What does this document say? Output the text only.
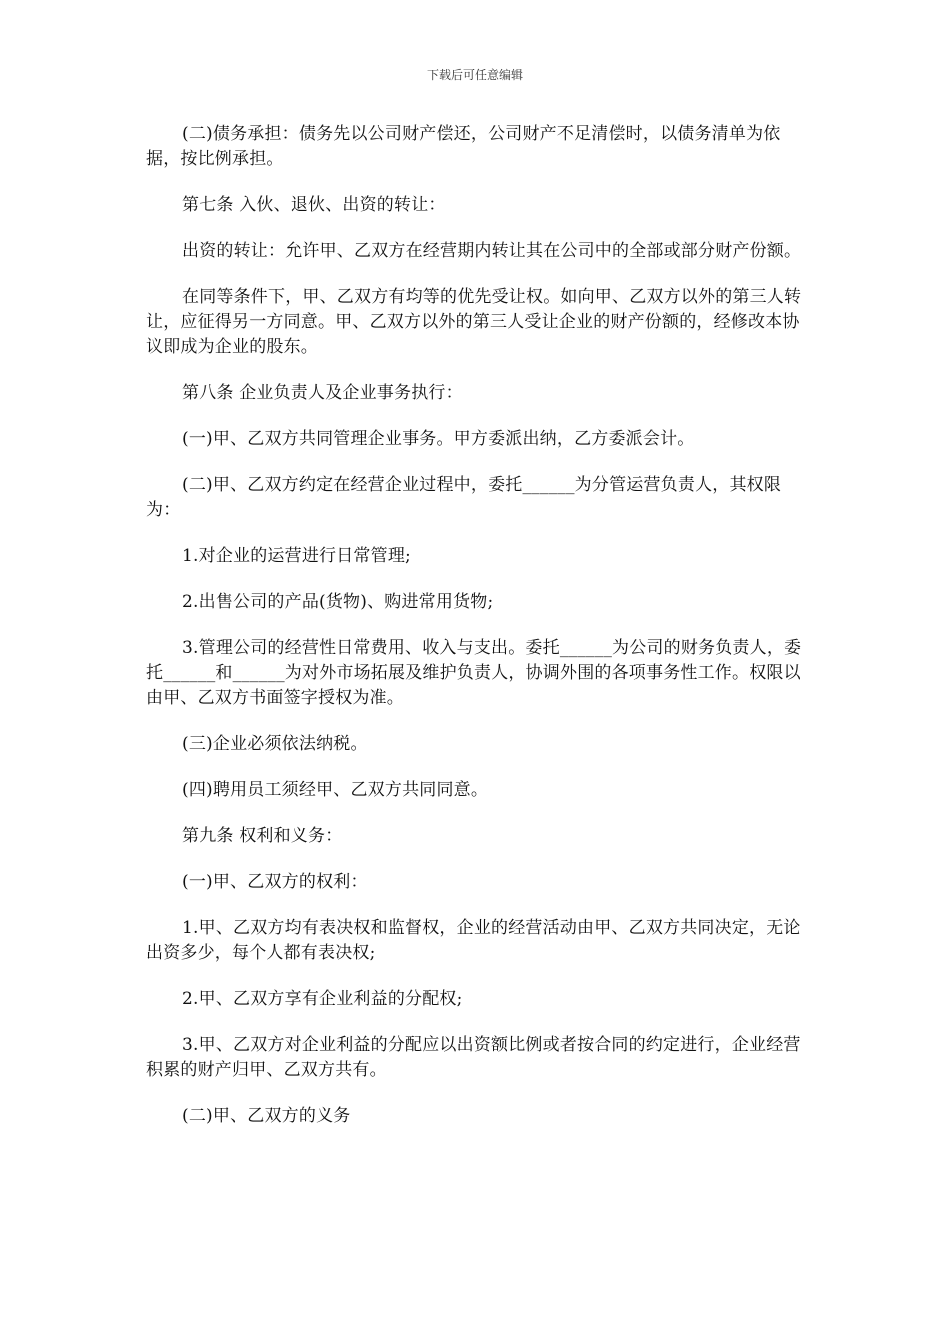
下载后可任意编辑

(二)债务承担：债务先以公司财产偿还，公司财产不足清偿时，以债务清单为依据，按比例承担。

第七条 入伙、退伙、出资的转让：

出资的转让：允许甲、乙双方在经营期内转让其在公司中的全部或部分财产份额。

在同等条件下，甲、乙双方有均等的优先受让权。如向甲、乙双方以外的第三人转让，应征得另一方同意。甲、乙双方以外的第三人受让企业的财产份额的，经修改本协议即成为企业的股东。

第八条 企业负责人及企业事务执行：

(一)甲、乙双方共同管理企业事务。甲方委派出纳，乙方委派会计。

(二)甲、乙双方约定在经营企业过程中，委托______为分管运营负责人，其权限为：

1.对企业的运营进行日常管理;

2.出售公司的产品(货物)、购进常用货物;

3.管理公司的经营性日常费用、收入与支出。委托______为公司的财务负责人，委托______和______为对外市场拓展及维护负责人，协调外围的各项事务性工作。权限以由甲、乙双方书面签字授权为准。

(三)企业必须依法纳税。

(四)聘用员工须经甲、乙双方共同同意。

第九条 权利和义务：

(一)甲、乙双方的权利：

1.甲、乙双方均有表决权和监督权，企业的经营活动由甲、乙双方共同决定，无论出资多少，每个人都有表决权;

2.甲、乙双方享有企业利益的分配权;

3.甲、乙双方对企业利益的分配应以出资额比例或者按合同的约定进行，企业经营积累的财产归甲、乙双方共有。

(二)甲、乙双方的义务
